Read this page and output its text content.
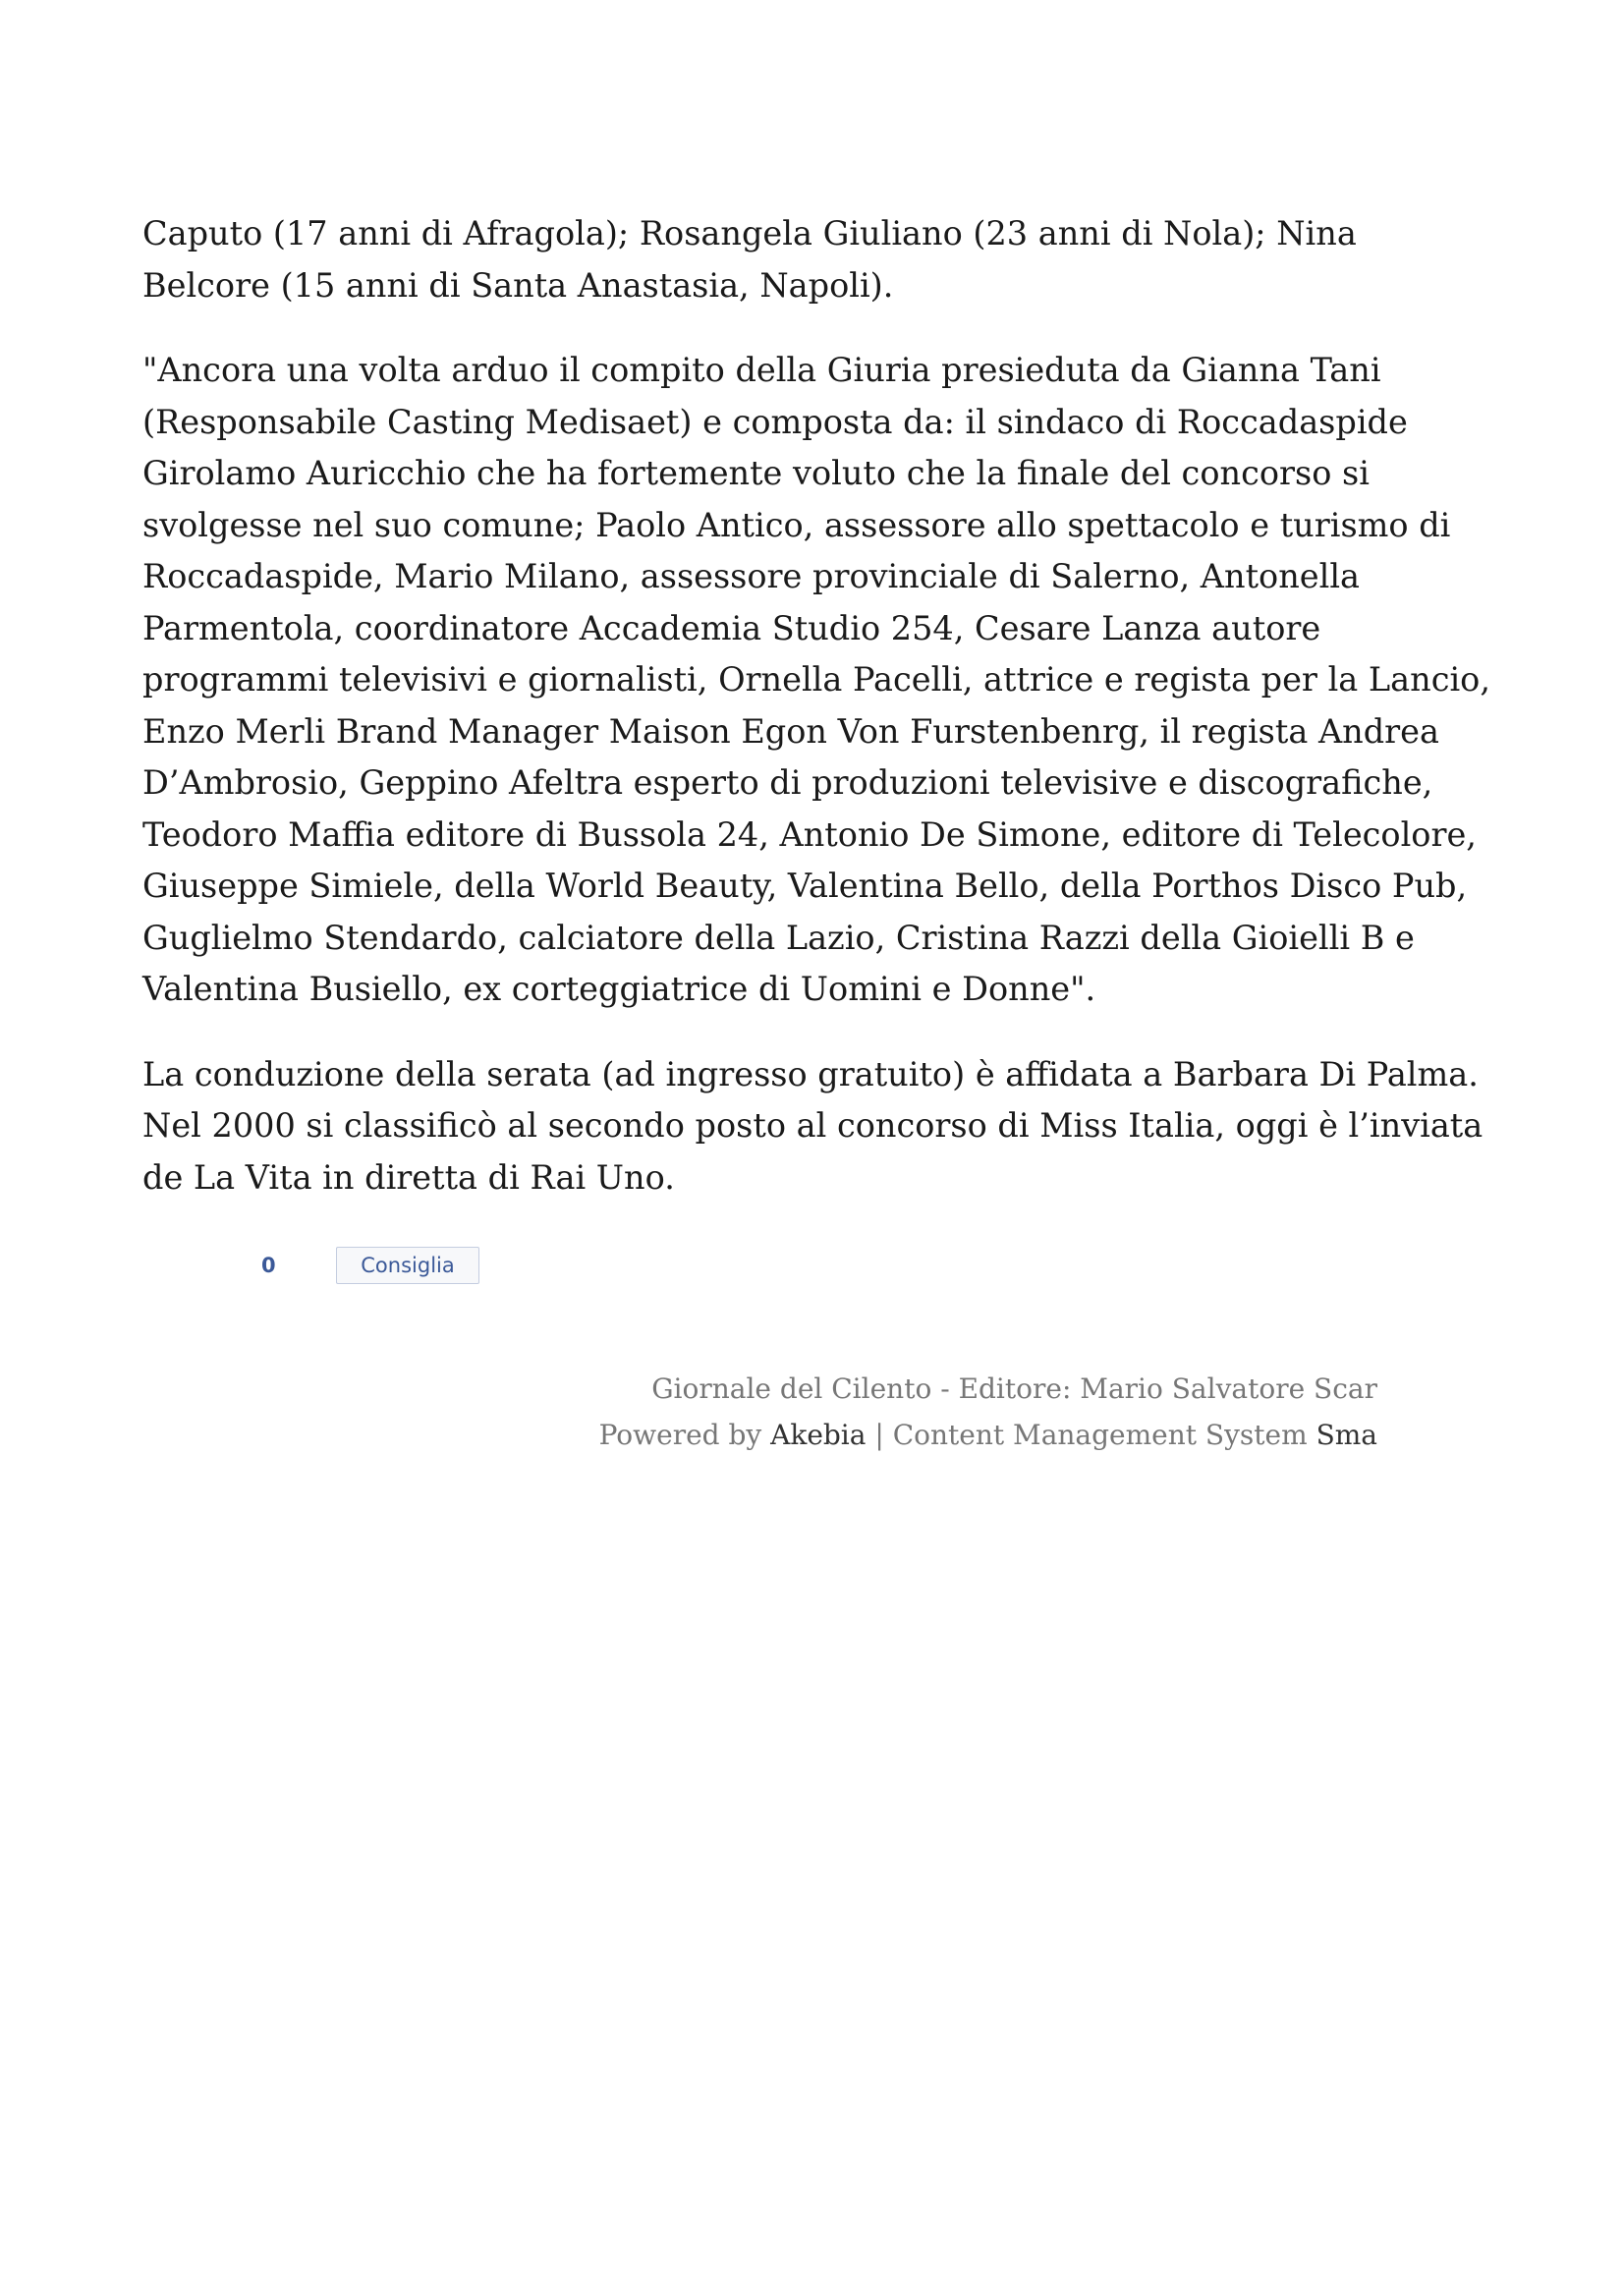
Caputo (17 anni di Afragola); Rosangela Giuliano (23 anni di Nola); Nina
Belcore (15 anni di Santa Anastasia, Napoli).

"Ancora una volta arduo il compito della Giuria presieduta da Gianna Tani
(Responsabile Casting Medisaet) e composta da: il sindaco di Roccadaspide
Girolamo Auricchio che ha fortemente voluto che la finale del concorso si
svolgesse nel suo comune; Paolo Antico, assessore allo spettacolo e turismo di
Roccadaspide, Mario Milano, assessore provinciale di Salerno, Antonella
Parmentola, coordinatore Accademia Studio 254, Cesare Lanza autore
programmi televisivi e giornalisti, Ornella Pacelli, attrice e regista per la Lancio,
Enzo Merli Brand Manager Maison Egon Von Furstenbenrg, il regista Andrea
D’Ambrosio, Geppino Afeltra esperto di produzioni televisive e discografiche,
Teodoro Maffia editore di Bussola 24, Antonio De Simone, editore di Telecolore,
Giuseppe Simiele, della World Beauty, Valentina Bello, della Porthos Disco Pub,
Guglielmo Stendardo, calciatore della Lazio, Cristina Razzi della Gioielli B e
Valentina Busiello, ex corteggiatrice di Uomini e Donne".

La conduzione della serata (ad ingresso gratuito) è affidata a Barbara Di Palma.
Nel 2000 si classificò al secondo posto al concorso di Miss Italia, oggi è l’inviata
de La Vita in diretta di Rai Uno.

0	Consiglia
Giornale del Cilento - Editore: Mario Salvatore Scar
Powered by Akebia | Content Management System Sma
